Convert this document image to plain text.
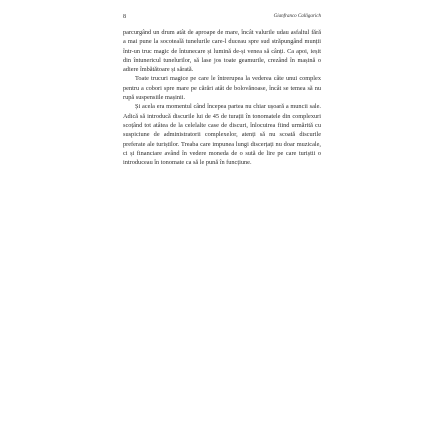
8	Gianfranco Calligarich

parcurgând un drum atât de aproape de mare, încât valurile udau asfaltul fără a mai pune la socoteală tunelurile care-l duceau spre sud străpungând munții într-un truc magic de întunecare și lumină de-și venea să cânți. Ca apoi, ieșit din întunericul tunelurilor, să lase jos toate geamurile, crezând în mașină o adiere îmbătătoare și sărată.

Toate trucuri magice pe care le întrerupea la vederea câte unui complex pentru a cobori spre mare pe cărări atât de bolovănoase, încât se temea să nu rupă suspensiile mașinii.

Și acela era momentul când începea partea nu chiar ușoară a muncii sale. Adică să introducă discurile lui de 45 de turații în tonomatele din complexuri scoțând tot atâtea de la celelalte case de discuri, înlocuirea fiind urmărită cu suspiciune de administratorii complexelor, atenți să nu scoată discurile preferate ale turiștilor. Treaba care impunea lungi discerțați nu doar muzicale, ci și financiare având în vedere moneda de o sută de lire pe care turiștii o introduceau în tonomate ca să le pună în funcțiune.
